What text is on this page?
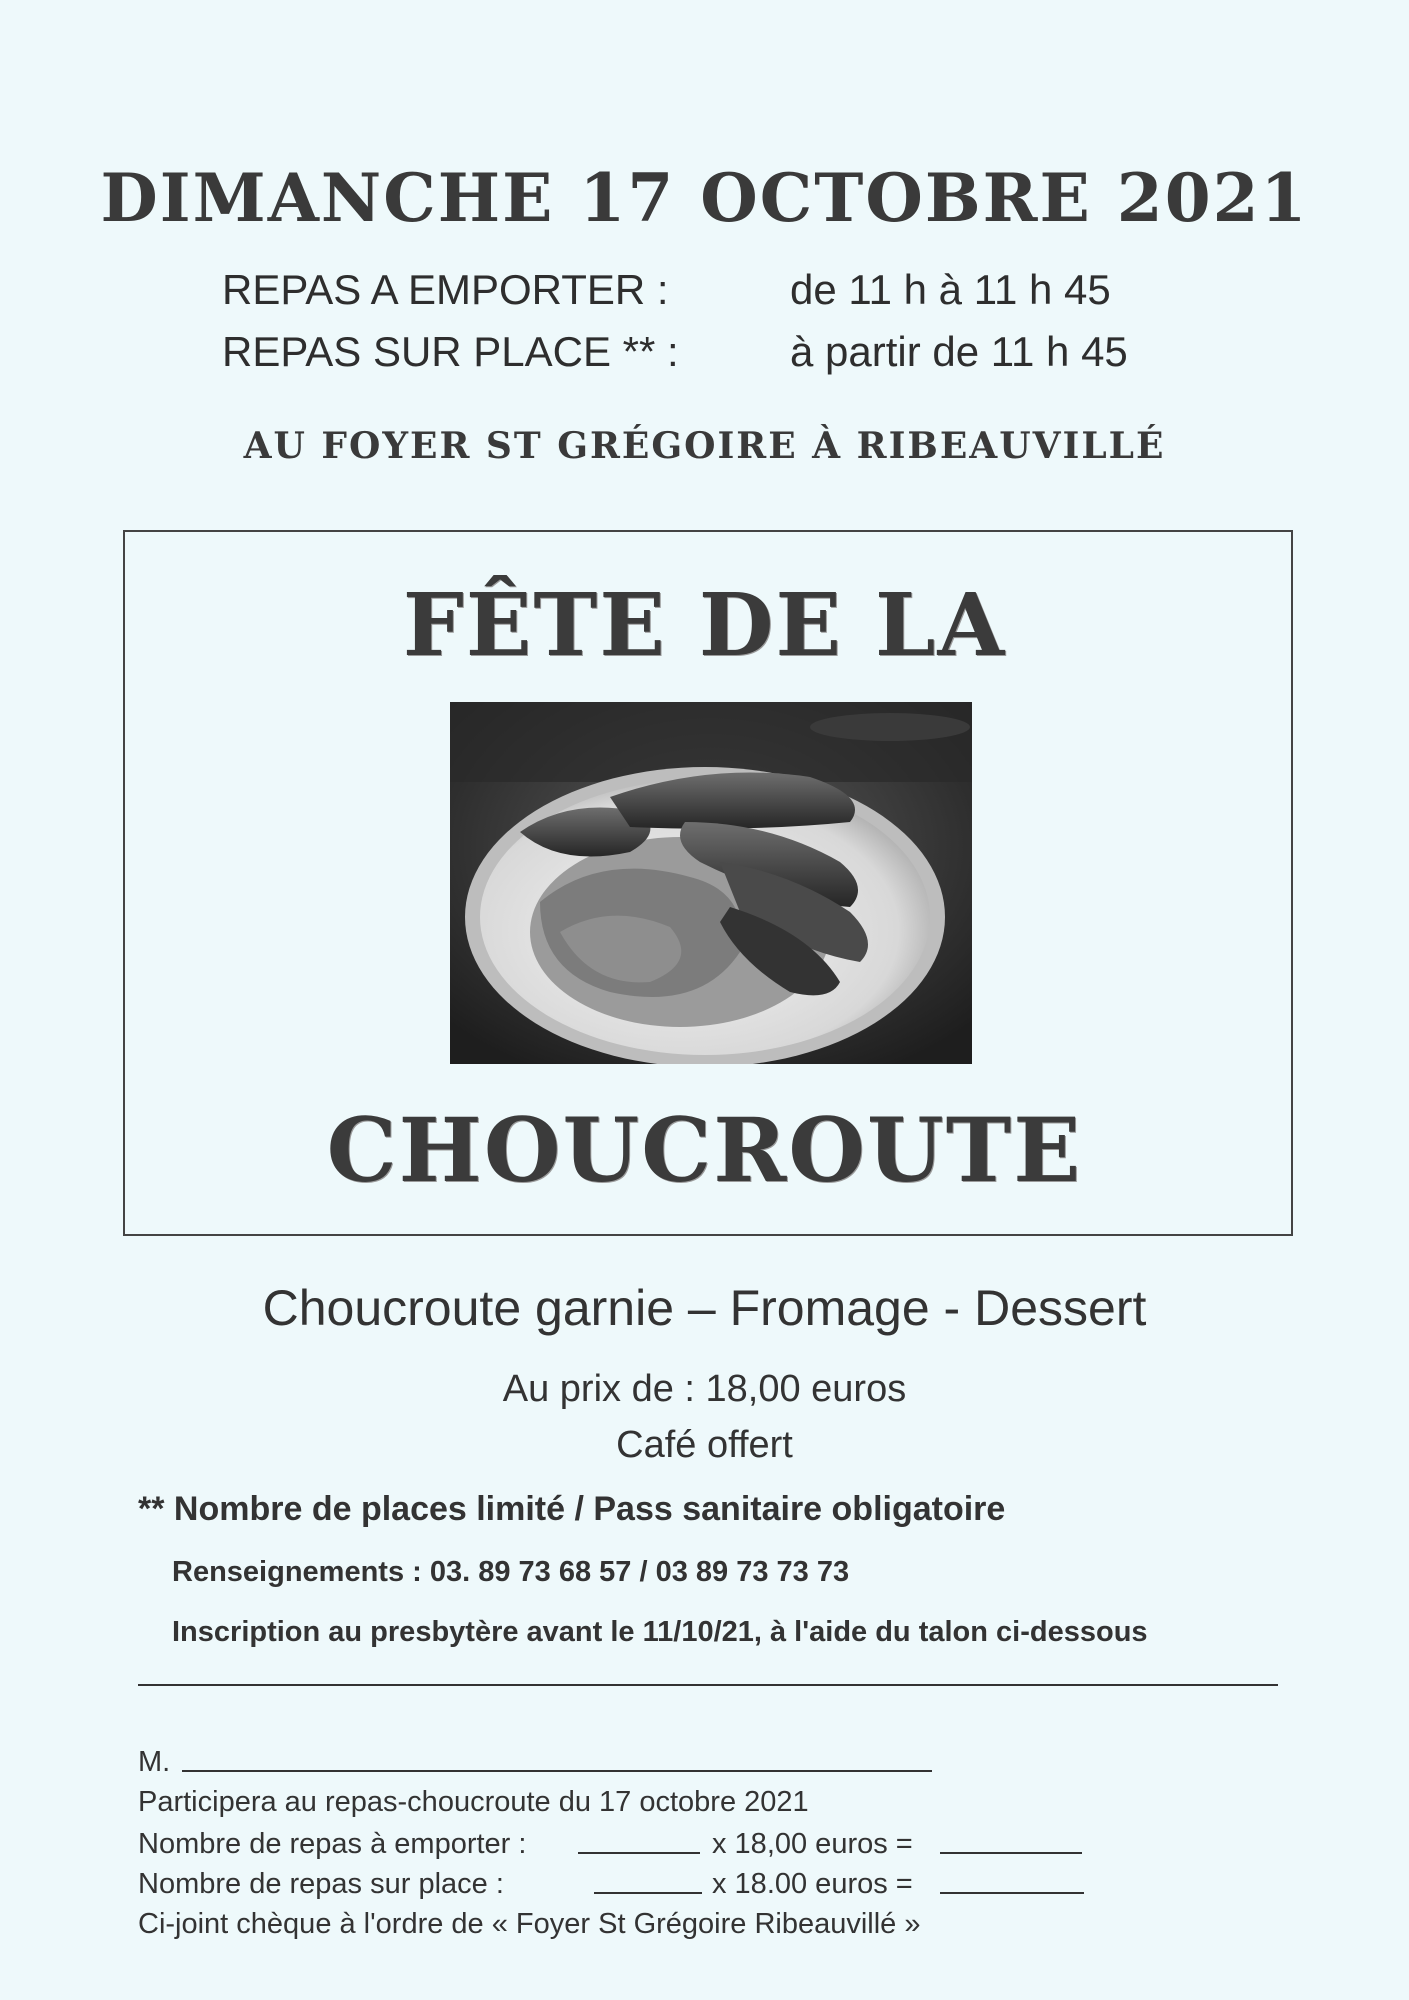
DIMANCHE 17 OCTOBRE 2021
REPAS A EMPORTER :	de 11 h à 11 h 45
REPAS SUR PLACE ** :	à partir de 11 h 45
AU FOYER ST GRÉGOIRE À RIBEAUVILLÉ
FÊTE DE LA
CHOUCROUTE
Choucroute garnie – Fromage - Dessert
Au prix de : 18,00 euros
Café offert
** Nombre de places limité / Pass sanitaire obligatoire
Renseignements : 03. 89 73 68 57 / 03 89 73 73 73
Inscription au presbytère avant le 11/10/21, à l'aide du talon ci-dessous
M.
Participera au repas-choucroute du 17 octobre 2021
Nombre de repas à emporter :	x 18,00 euros =
Nombre de repas sur place :	x 18.00 euros =
Ci-joint chèque à l'ordre de « Foyer St Grégoire Ribeauvillé »
